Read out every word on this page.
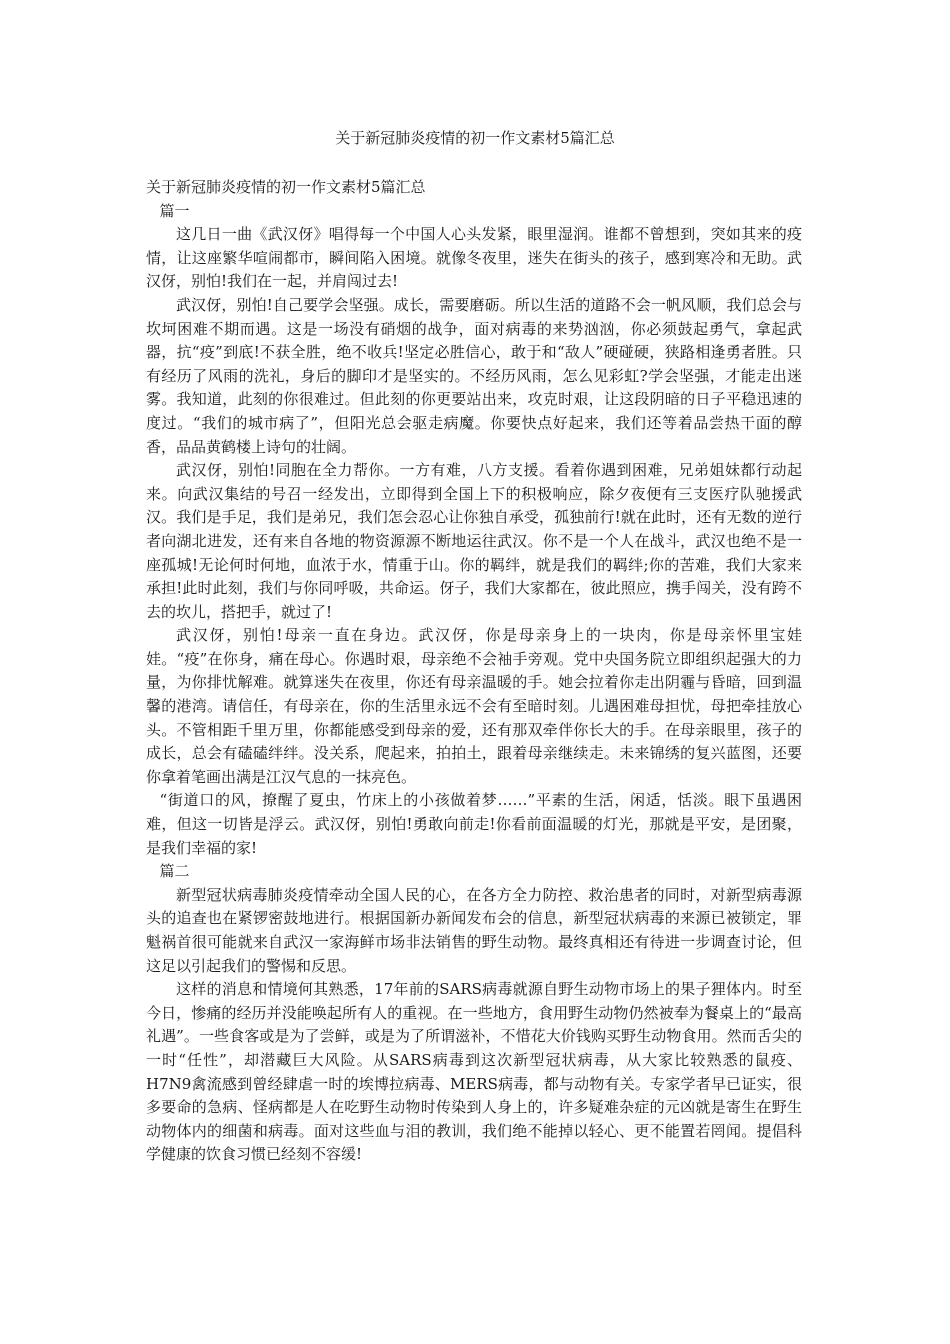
关于新冠肺炎疫情的初一作文素材5篇汇总

关于新冠肺炎疫情的初一作文素材5篇汇总

篇一

这几日一曲《武汉伢》唱得每一个中国人心头发紧，眼里湿润。谁都不曾想到，突如其来的疫情，让这座繁华喧闹都市，瞬间陷入困境。就像冬夜里，迷失在街头的孩子，感到寒冷和无助。武汉伢，别怕!我们在一起，并肩闯过去!

武汉伢，别怕!自己要学会坚强。成长，需要磨砺。所以生活的道路不会一帆风顺，我们总会与坎坷困难不期而遇。这是一场没有硝烟的战争，面对病毒的来势汹汹，你必须鼓起勇气，拿起武器，抗“疫”到底!不获全胜，绝不收兵!坚定必胜信心，敢于和“敌人”硬碰硬，狭路相逢勇者胜。只有经历了风雨的洗礼，身后的脚印才是坚实的。不经历风雨，怎么见彩虹?学会坚强，才能走出迷雾。我知道，此刻的你很难过。但此刻的你更要站出来，攻克时艰，让这段阴暗的日子平稳迅速的度过。“我们的城市病了”，但阳光总会驱走病魔。你要快点好起来，我们还等着品尝热干面的醇香，品品黄鹤楼上诗句的壮阔。

武汉伢，别怕!同胞在全力帮你。一方有难，八方支援。看着你遇到困难，兄弟姐妹都行动起来。向武汉集结的号召一经发出，立即得到全国上下的积极响应，除夕夜便有三支医疗队驰援武汉。我们是手足，我们是弟兄，我们怎会忍心让你独自承受，孤独前行!就在此时，还有无数的逆行者向湖北进发，还有来自各地的物资源源不断地运往武汉。你不是一个人在战斗，武汉也绝不是一座孤城!无论何时何地，血浓于水，情重于山。你的羁绊，就是我们的羁绊;你的苦难，我们大家来承担!此时此刻，我们与你同呼吸，共命运。伢子，我们大家都在，彼此照应，携手闯关，没有跨不去的坎儿，搭把手，就过了!

武汉伢，别怕!母亲一直在身边。武汉伢，你是母亲身上的一块肉，你是母亲怀里宝娃娃。“疫”在你身，痛在母心。你遇时艰，母亲绝不会袖手旁观。党中央国务院立即组织起强大的力量，为你排忧解难。就算迷失在夜里，你还有母亲温暖的手。她会拉着你走出阴霾与昏暗，回到温馨的港湾。请信任，有母亲在，你的生活里永远不会有至暗时刻。儿遇困难母担忧，母把牵挂放心头。不管相距千里万里，你都能感受到母亲的爱，还有那双牵伴你长大的手。在母亲眼里，孩子的成长，总会有磕磕绊绊。没关系，爬起来，拍拍土，跟着母亲继续走。未来锦绣的复兴蓝图，还要你拿着笔画出满是江汉气息的一抹亮色。

“街道口的风，撩醒了夏虫，竹床上的小孩做着梦……”平素的生活，闲适，恬淡。眼下虽遇困难，但这一切皆是浮云。武汉伢，别怕!勇敢向前走!你看前面温暖的灯光，那就是平安，是团聚，是我们幸福的家!

篇二

新型冠状病毒肺炎疫情牵动全国人民的心，在各方全力防控、救治患者的同时，对新型病毒源头的追查也在紧锣密鼓地进行。根据国新办新闻发布会的信息，新型冠状病毒的来源已被锁定，罪魁祸首很可能就来自武汉一家海鲜市场非法销售的野生动物。最终真相还有待进一步调查讨论，但这足以引起我们的警惕和反思。

这样的消息和情境何其熟悉，17年前的SARS病毒就源自野生动物市场上的果子狸体内。时至今日，惨痛的经历并没能唤起所有人的重视。在一些地方，食用野生动物仍然被奉为餐桌上的“最高礼遇”。一些食客或是为了尝鲜，或是为了所谓滋补，不惜花大价钱购买野生动物食用。然而舌尖的一时“任性”，却潜藏巨大风险。从SARS病毒到这次新型冠状病毒，从大家比较熟悉的鼠疫、H7N9禽流感到曾经肆虐一时的埃博拉病毒、MERS病毒，都与动物有关。专家学者早已证实，很多要命的急病、怪病都是人在吃野生动物时传染到人身上的，许多疑难杂症的元凶就是寄生在野生动物体内的细菌和病毒。面对这些血与泪的教训，我们绝不能掉以轻心、更不能置若罔闻。提倡科学健康的饮食习惯已经刻不容缓!
